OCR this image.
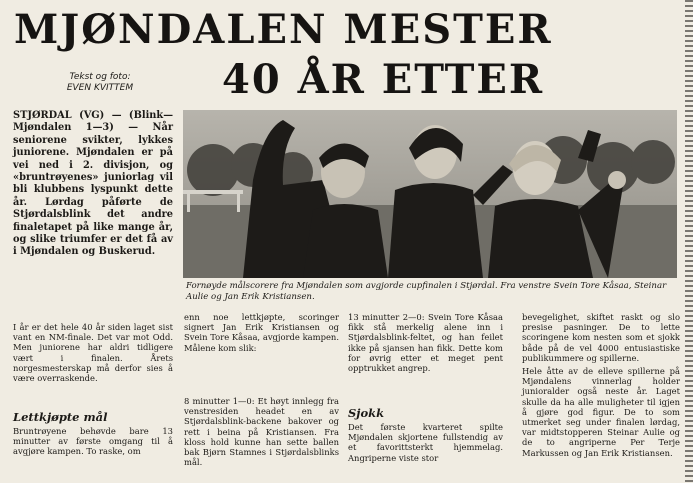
MJØNDALEN MESTER
40 ÅR ETTER
Tekst og foto:
EVEN KVITTEM
STJØRDAL (VG) — (Blink—Mjøndalen 1—3) — Når seniorene svikter, lykkes juniorene. Mjøndalen er på vei ned i 2. divisjon, og «bruntrøyenes» juniorlag vil bli klubbens lyspunkt dette år. Lørdag påførte de Stjørdalsblink det andre finaletapet på like mange år, og slike triumfer er det få av i Mjøndalen og Buskerud.
Fornøyde målscorere fra Mjøndalen som avgjorde cupfinalen i Stjørdal. Fra venstre Svein Tore Kåsaa, Steinar Aulie og Jan Erik Kristiansen.
I år er det hele 40 år siden laget sist vant en NM-finale. Det var mot Odd. Men juniorene har aldri tidligere vært i finalen. Årets norgesmesterskap må derfor sies å være overraskende.
Lettkjøpte mål
Bruntrøyene behøvde bare 13 minutter av første omgang til å avgjøre kampen. To raske, om
enn noe lettkjøpte, scoringer signert Jan Erik Kristiansen og Svein Tore Kåsaa, avgjorde kampen. Målene kom slik:
8 minutter 1—0: Et høyt innlegg fra venstresiden headet en av Stjørdalsblink-backene bakover og rett i beina på Kristiansen. Fra kloss hold kunne han sette ballen bak Bjørn Stamnes i Stjørdalsblinks mål.
13 minutter 2—0: Svein Tore Kåsaa fikk stå merkelig alene inn i Stjørdalsblink-feltet, og han feilet ikke på sjansen han fikk. Dette kom for øvrig etter et meget pent opptrukket angrep.
Sjokk
Det første kvarteret spilte Mjøndalen skjortene fullstendig av et favorittsterkt hjemmelag. Angriperne viste stor
bevegelighet, skiftet raskt og slo presise pasninger. De to lette scoringene kom nesten som et sjokk både på de vel 4000 entusiastiske publikummere og spillerne.
Hele åtte av de elleve spillerne på Mjøndalens vinnerlag holder junioralder også neste år. Laget skulle da ha alle muligheter til igjen å gjøre god figur. De to som utmerket seg under finalen lørdag, var midtstopperen Steinar Aulie og de to angriperne Per Terje Markussen og Jan Erik Kristiansen.
